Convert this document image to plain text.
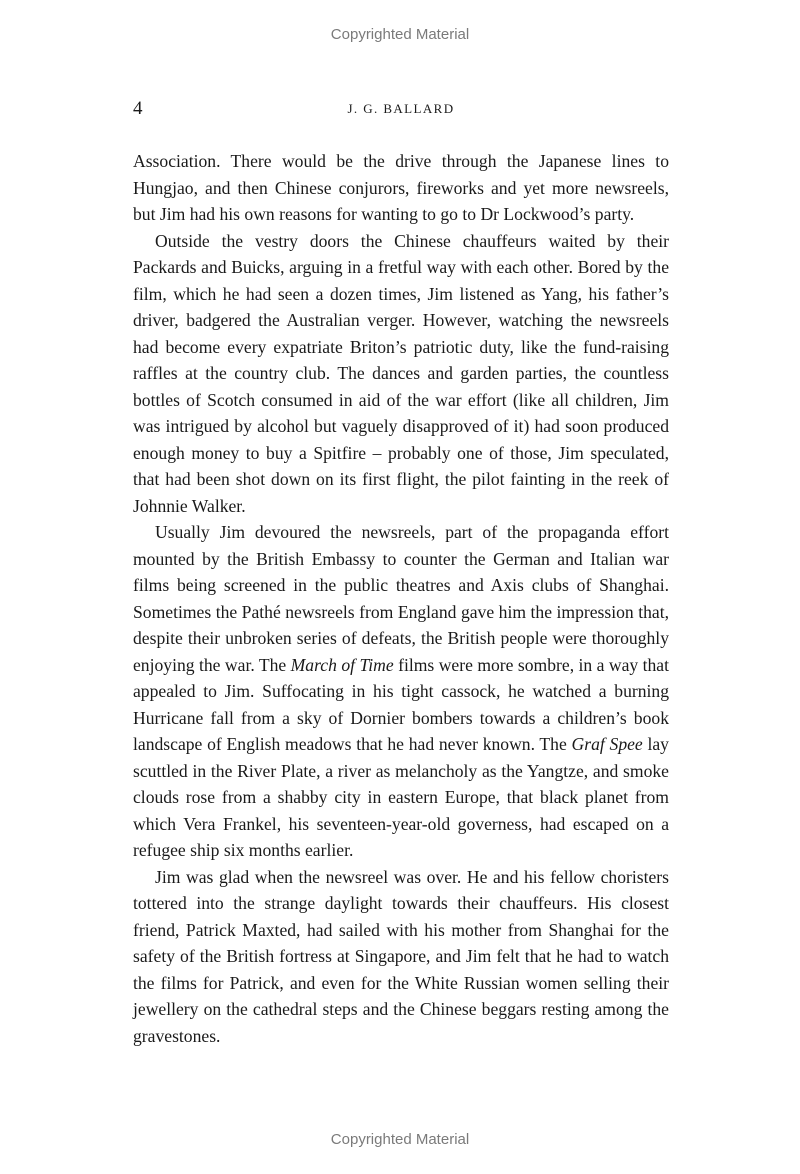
Copyrighted Material
4	J. G. BALLARD

Association. There would be the drive through the Japanese lines to Hungjao, and then Chinese conjurors, fireworks and yet more newsreels, but Jim had his own reasons for wanting to go to Dr Lockwood’s party.

Outside the vestry doors the Chinese chauffeurs waited by their Packards and Buicks, arguing in a fretful way with each other. Bored by the film, which he had seen a dozen times, Jim listened as Yang, his father’s driver, badgered the Australian verger. However, watching the newsreels had become every expatriate Briton’s patriotic duty, like the fund-raising raffles at the country club. The dances and garden parties, the countless bottles of Scotch consumed in aid of the war effort (like all children, Jim was intrigued by alcohol but vaguely disapproved of it) had soon produced enough money to buy a Spitfire – probably one of those, Jim speculated, that had been shot down on its first flight, the pilot fainting in the reek of Johnnie Walker.

Usually Jim devoured the newsreels, part of the propaganda effort mounted by the British Embassy to counter the German and Italian war films being screened in the public theatres and Axis clubs of Shanghai. Sometimes the Pathé newsreels from England gave him the impression that, despite their unbroken series of defeats, the British people were thoroughly enjoying the war. The March of Time films were more sombre, in a way that appealed to Jim. Suffocating in his tight cassock, he watched a burning Hurricane fall from a sky of Dornier bombers towards a children’s book landscape of English meadows that he had never known. The Graf Spee lay scuttled in the River Plate, a river as melancholy as the Yangtze, and smoke clouds rose from a shabby city in eastern Europe, that black planet from which Vera Frankel, his seventeen-year-old governess, had escaped on a refugee ship six months earlier.

Jim was glad when the newsreel was over. He and his fellow choristers tottered into the strange daylight towards their chauffeurs. His closest friend, Patrick Maxted, had sailed with his mother from Shanghai for the safety of the British fortress at Singapore, and Jim felt that he had to watch the films for Patrick, and even for the White Russian women selling their jewellery on the cathedral steps and the Chinese beggars resting among the gravestones.

Copyrighted Material
